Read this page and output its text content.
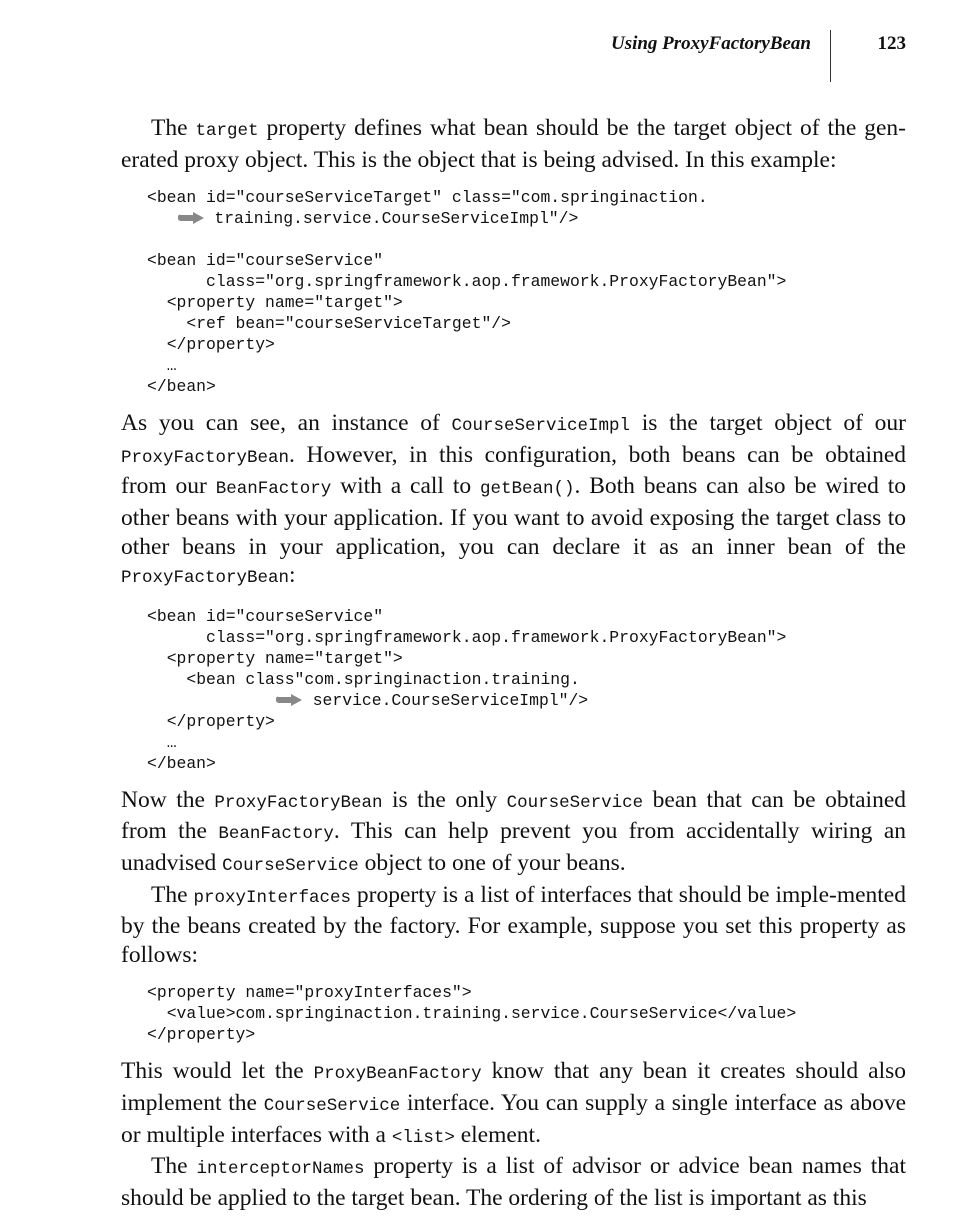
Using ProxyFactoryBean	123

The target property defines what bean should be the target object of the gen-erated proxy object. This is the object that is being advised. In this example:

<bean id="courseServiceTarget" class="com.springinaction.
training.service.CourseServiceImpl"/>
<bean id="courseService"
class="org.springframework.aop.framework.ProxyFactoryBean">
<property name="target">
<ref bean="courseServiceTarget"/>
</property>
…
</bean>

As you can see, an instance of CourseServiceImpl is the target object of our ProxyFactoryBean. However, in this configuration, both beans can be obtained from our BeanFactory with a call to getBean(). Both beans can also be wired to other beans with your application. If you want to avoid exposing the target class to other beans in your application, you can declare it as an inner bean of the ProxyFactoryBean:

<bean id="courseService"
class="org.springframework.aop.framework.ProxyFactoryBean">
<property name="target">
<bean class"com.springinaction.training.
service.CourseServiceImpl"/>
</property>
…
</bean>

Now the ProxyFactoryBean is the only CourseService bean that can be obtained from the BeanFactory. This can help prevent you from accidentally wiring an unadvised CourseService object to one of your beans.

The proxyInterfaces property is a list of interfaces that should be imple-mented by the beans created by the factory. For example, suppose you set this property as follows:

<property name="proxyInterfaces">
<value>com.springinaction.training.service.CourseService</value>
</property>

This would let the ProxyBeanFactory know that any bean it creates should also implement the CourseService interface. You can supply a single interface as above or multiple interfaces with a <list> element.

The interceptorNames property is a list of advisor or advice bean names that should be applied to the target bean. The ordering of the list is important as this
